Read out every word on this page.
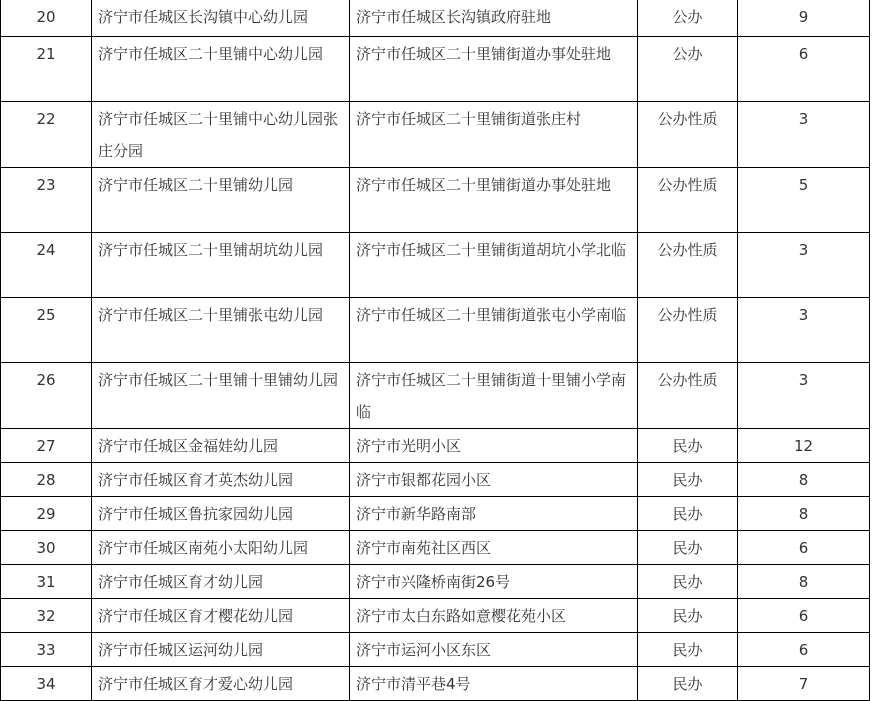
20	济宁市任城区长沟镇中心幼儿园	济宁市任城区长沟镇政府驻地	公办	9
21	济宁市任城区二十里铺中心幼儿园	济宁市任城区二十里铺街道办事处驻地	公办	6
22	济宁市任城区二十里铺中心幼儿园张庄分园	济宁市任城区二十里铺街道张庄村	公办性质	3
23	济宁市任城区二十里铺幼儿园	济宁市任城区二十里铺街道办事处驻地	公办性质	5
24	济宁市任城区二十里铺胡坑幼儿园	济宁市任城区二十里铺街道胡坑小学北临	公办性质	3
25	济宁市任城区二十里铺张屯幼儿园	济宁市任城区二十里铺街道张屯小学南临	公办性质	3
26	济宁市任城区二十里铺十里铺幼儿园	济宁市任城区二十里铺街道十里铺小学南临	公办性质	3
27	济宁市任城区金福娃幼儿园	济宁市光明小区	民办	12
28	济宁市任城区育才英杰幼儿园	济宁市银都花园小区	民办	8
29	济宁市任城区鲁抗家园幼儿园	济宁市新华路南部	民办	8
30	济宁市任城区南苑小太阳幼儿园	济宁市南苑社区西区	民办	6
31	济宁市任城区育才幼儿园	济宁市兴隆桥南街26号	民办	8
32	济宁市任城区育才樱花幼儿园	济宁市太白东路如意樱花苑小区	民办	6
33	济宁市任城区运河幼儿园	济宁市运河小区东区	民办	6
34	济宁市任城区育才爱心幼儿园	济宁市清平巷4号	民办	7
